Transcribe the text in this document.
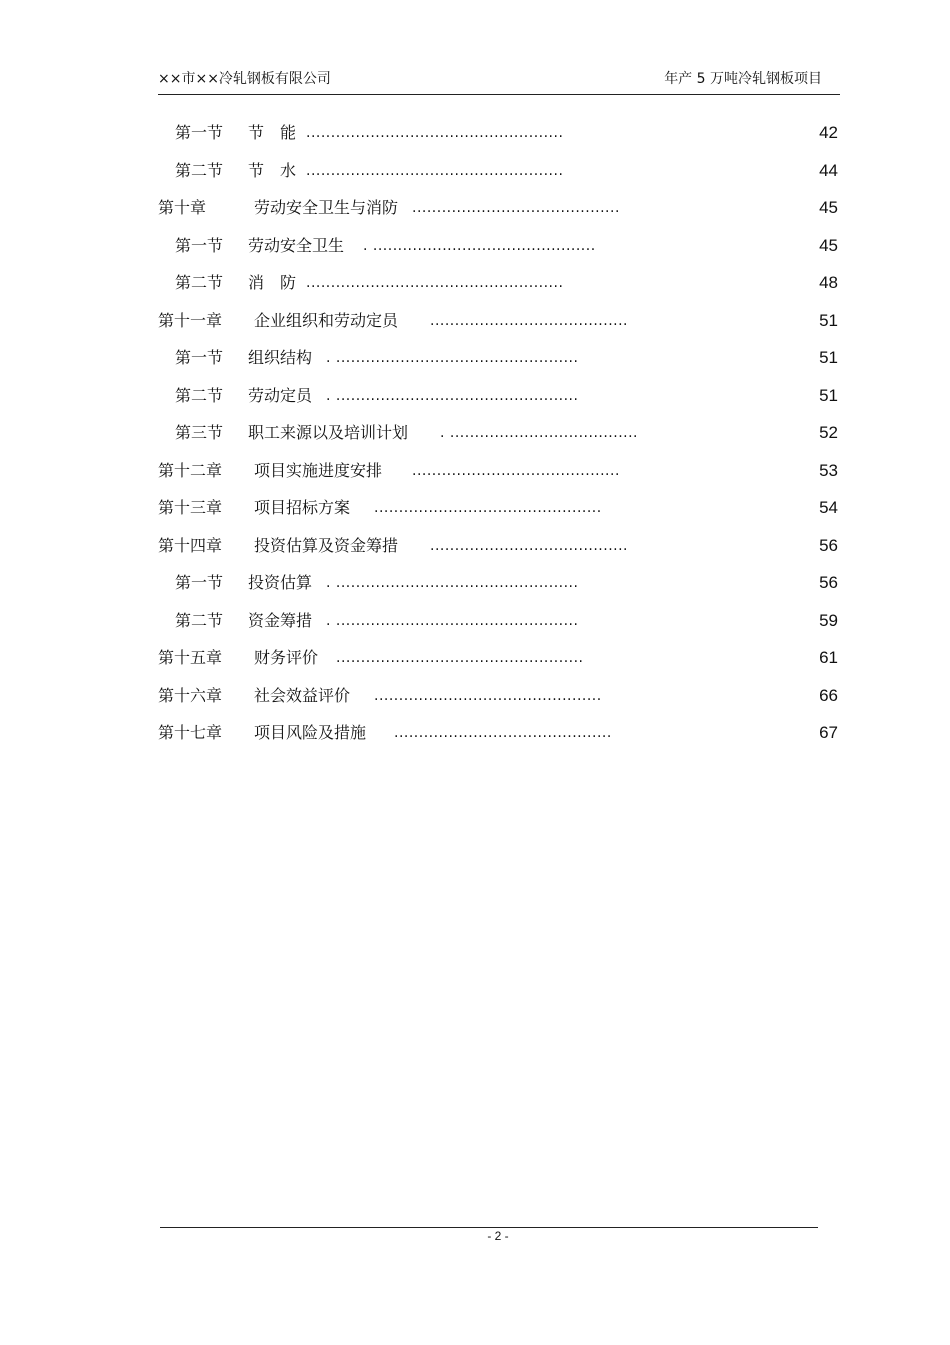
××市××冷轧钢板有限公司	年产 5 万吨冷轧钢板项目
第一节 节　能 ....................................................	42
第二节 节　水 ....................................................	44
第十章	劳动安全卫生与消防 ..........................................	45
第一节 劳动安全卫生 . .............................................	45
第二节 消　防 ....................................................	48
第十一章 企业组织和劳动定员 ........................................	51
第一节 组织结构 . .................................................	51
第二节 劳动定员 . .................................................	51
第三节 职工来源以及培训计划 . ......................................	52
第十二章 项目实施进度安排 ..........................................	53
第十三章 项目招标方案 ..............................................	54
第十四章 投资估算及资金筹措 ........................................	56
第一节 投资估算 . .................................................	56
第二节 资金筹措 . .................................................	59
第十五章 财务评价 ..................................................	61
第十六章 社会效益评价 ..............................................	66
第十七章 项目风险及措施 ............................................	67
- 2 -
